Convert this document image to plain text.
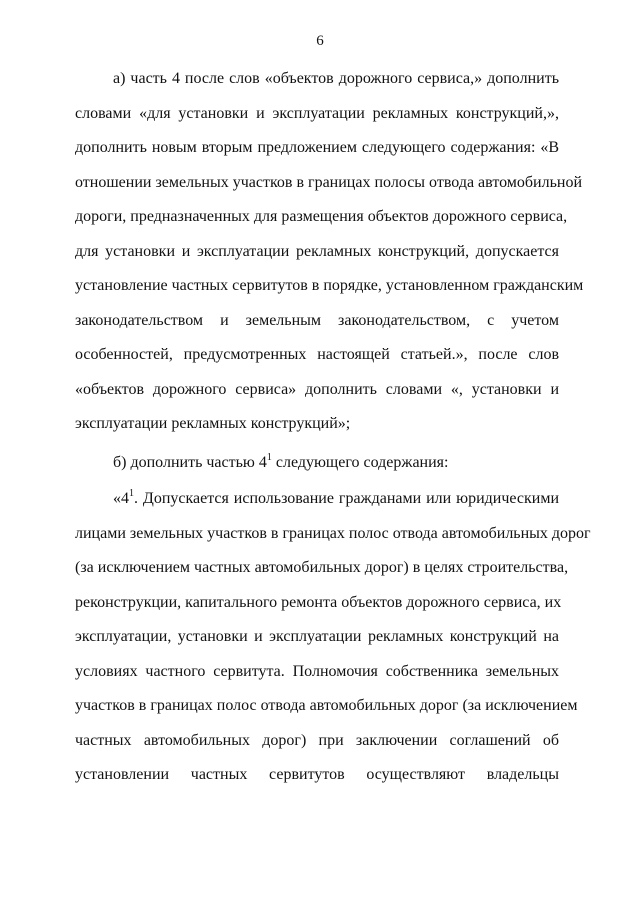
6
а) часть 4 после слов «объектов дорожного сервиса,» дополнить
словами «для установки и эксплуатации рекламных конструкций,»,
дополнить новым вторым предложением следующего содержания: «В
отношении земельных участков в границах полосы отвода автомобильной
дороги, предназначенных для размещения объектов дорожного сервиса,
для установки и эксплуатации рекламных конструкций, допускается
установление частных сервитутов в порядке, установленном гражданским
законодательством и земельным законодательством, с учетом
особенностей, предусмотренных настоящей статьей.», после слов
«объектов дорожного сервиса» дополнить словами «, установки и
эксплуатации рекламных конструкций»;
б) дополнить частью $4^1$ следующего содержания:
«$4^1$. Допускается использование гражданами или юридическими
лицами земельных участков в границах полос отвода автомобильных дорог
(за исключением частных автомобильных дорог) в целях строительства,
реконструкции, капитального ремонта объектов дорожного сервиса, их
эксплуатации, установки и эксплуатации рекламных конструкций на
условиях частного сервитута. Полномочия собственника земельных
участков в границах полос отвода автомобильных дорог (за исключением
частных автомобильных дорог) при заключении соглашений об
установлении частных сервитутов осуществляют владельцы
